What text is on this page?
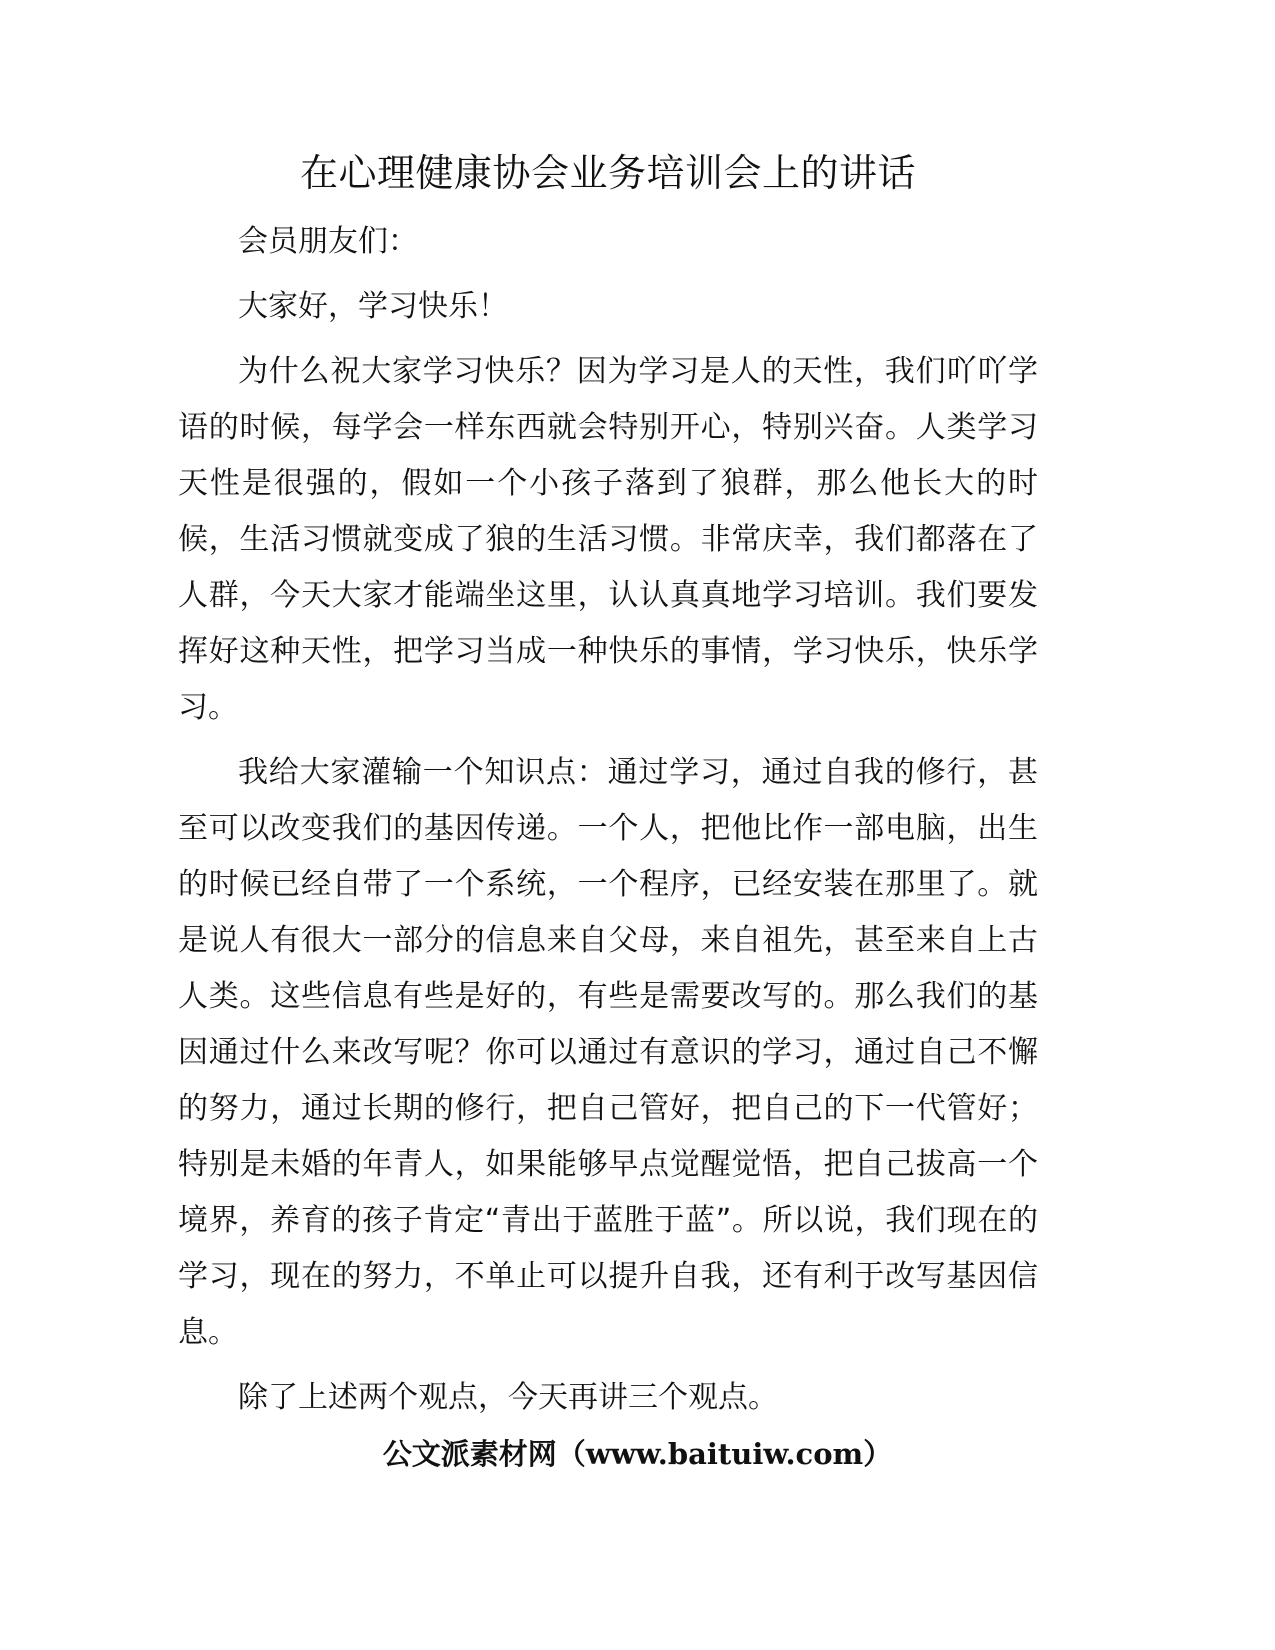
在心理健康协会业务培训会上的讲话

会员朋友们：

大家好，学习快乐！

为什么祝大家学习快乐？因为学习是人的天性，我们吖吖学语的时候，每学会一样东西就会特别开心，特别兴奋。人类学习天性是很强的，假如一个小孩子落到了狼群，那么他长大的时候，生活习惯就变成了狼的生活习惯。非常庆幸，我们都落在了人群，今天大家才能端坐这里，认认真真地学习培训。我们要发挥好这种天性，把学习当成一种快乐的事情，学习快乐，快乐学习。

我给大家灌输一个知识点：通过学习，通过自我的修行，甚至可以改变我们的基因传递。一个人，把他比作一部电脑，出生的时候已经自带了一个系统，一个程序，已经安装在那里了。就是说人有很大一部分的信息来自父母，来自祖先，甚至来自上古人类。这些信息有些是好的，有些是需要改写的。那么我们的基因通过什么来改写呢？你可以通过有意识的学习，通过自己不懈的努力，通过长期的修行，把自己管好，把自己的下一代管好；特别是未婚的年青人，如果能够早点觉醒觉悟，把自己拔高一个境界，养育的孩子肯定“青出于蓝胜于蓝”。所以说，我们现在的学习，现在的努力，不单止可以提升自我，还有利于改写基因信息。

除了上述两个观点，今天再讲三个观点。

公文派素材网（www.baituiw.com）
